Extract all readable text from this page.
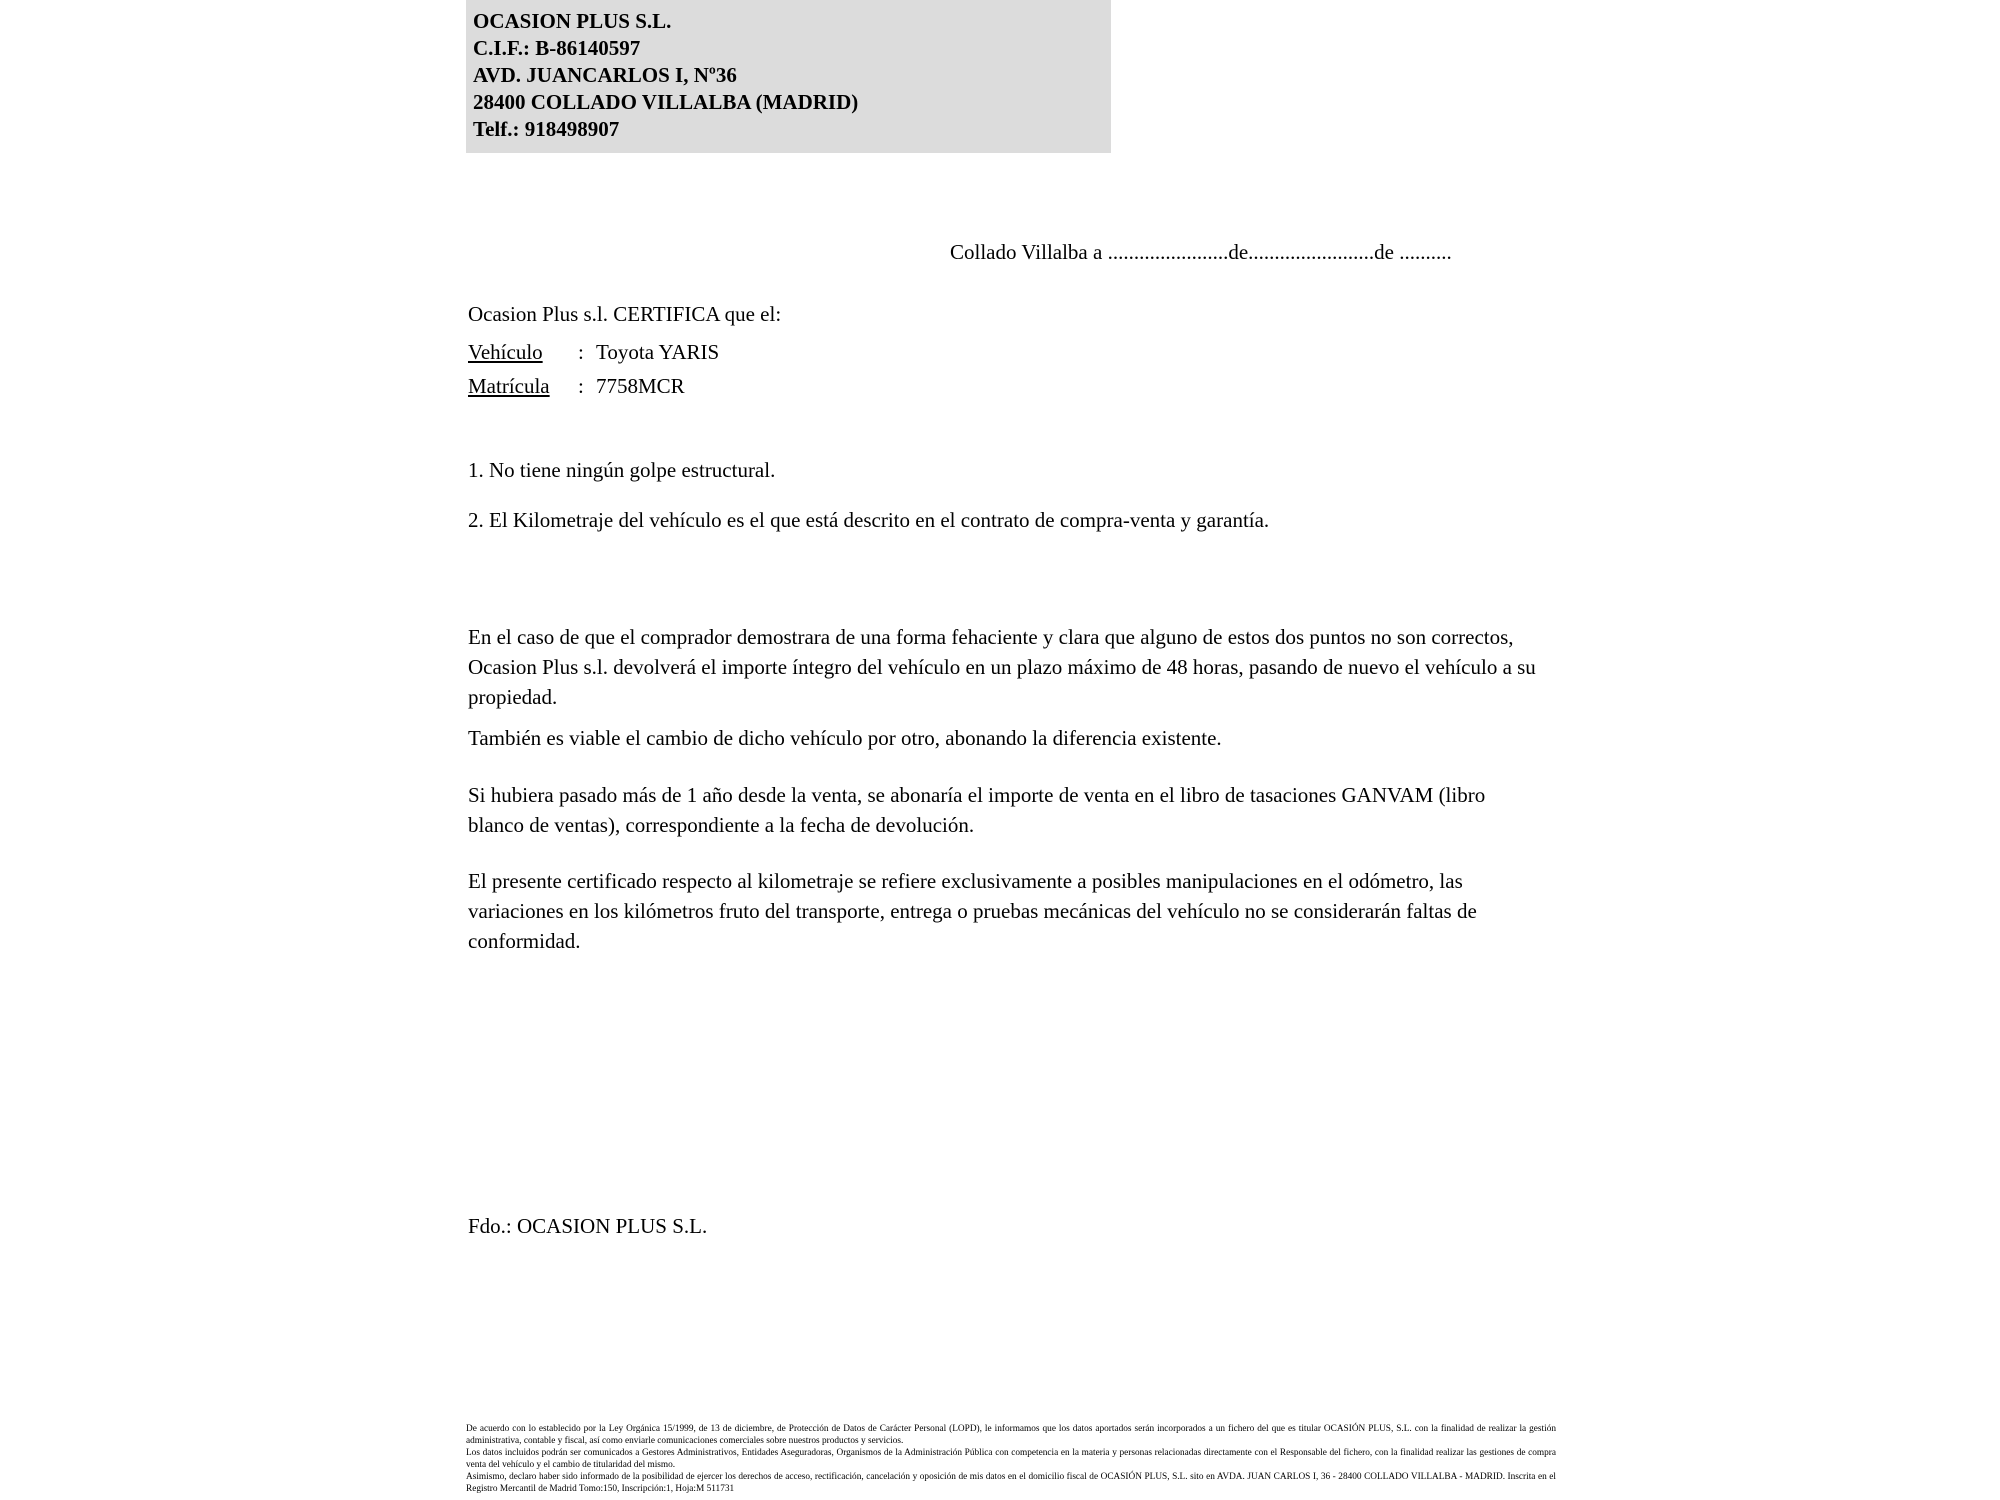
OCASION PLUS S.L.
C.I.F.: B-86140597
AVD. JUANCARLOS I, Nº36
28400 COLLADO VILLALBA (MADRID)
Telf.: 918498907
Collado Villalba a .......................de........................de ..........
Ocasion Plus s.l. CERTIFICA que el:
Vehículo : Toyota YARIS
Matrícula : 7758MCR
1. No tiene ningún golpe estructural.
2. El Kilometraje del vehículo es el que está descrito en el contrato de compra-venta y garantía.
En el caso de que el comprador demostrara de una forma fehaciente y clara que alguno de estos dos puntos no son correctos, Ocasion Plus s.l. devolverá el importe íntegro del vehículo en un plazo máximo de 48 horas, pasando de nuevo el vehículo a su propiedad.
También es viable el cambio de dicho vehículo por otro, abonando la diferencia existente.
Si hubiera pasado más de 1 año desde la venta, se abonaría el importe de venta en el libro de tasaciones GANVAM (libro blanco de ventas), correspondiente a la fecha de devolución.
El presente certificado respecto al kilometraje se refiere exclusivamente a posibles manipulaciones en el odómetro, las variaciones en los kilómetros fruto del transporte, entrega o pruebas mecánicas del vehículo no se considerarán faltas de conformidad.
Fdo.: OCASION PLUS S.L.

De acuerdo con lo establecido por la Ley Orgánica 15/1999, de 13 de diciembre, de Protección de Datos de Carácter Personal (LOPD), le informamos que los datos aportados serán incorporados a un fichero del que es titular OCASIÓN PLUS, S.L. con la finalidad de realizar la gestión administrativa, contable y fiscal, así como enviarle comunicaciones comerciales sobre nuestros productos y servicios.

Los datos incluidos podrán ser comunicados a Gestores Administrativos, Entidades Aseguradoras, Organismos de la Administración Pública con competencia en la materia y personas relacionadas directamente con el Responsable del fichero, con la finalidad realizar las gestiones de compra venta del vehículo y el cambio de titularidad del mismo.

Asimismo, declaro haber sido informado de la posibilidad de ejercer los derechos de acceso, rectificación, cancelación y oposición de mis datos en el domicilio fiscal de OCASIÓN PLUS, S.L. sito en AVDA. JUAN CARLOS I, 36 - 28400 COLLADO VILLALBA - MADRID. Inscrita en el Registro Mercantil de Madrid Tomo:150, Inscripción:1, Hoja:M 511731
